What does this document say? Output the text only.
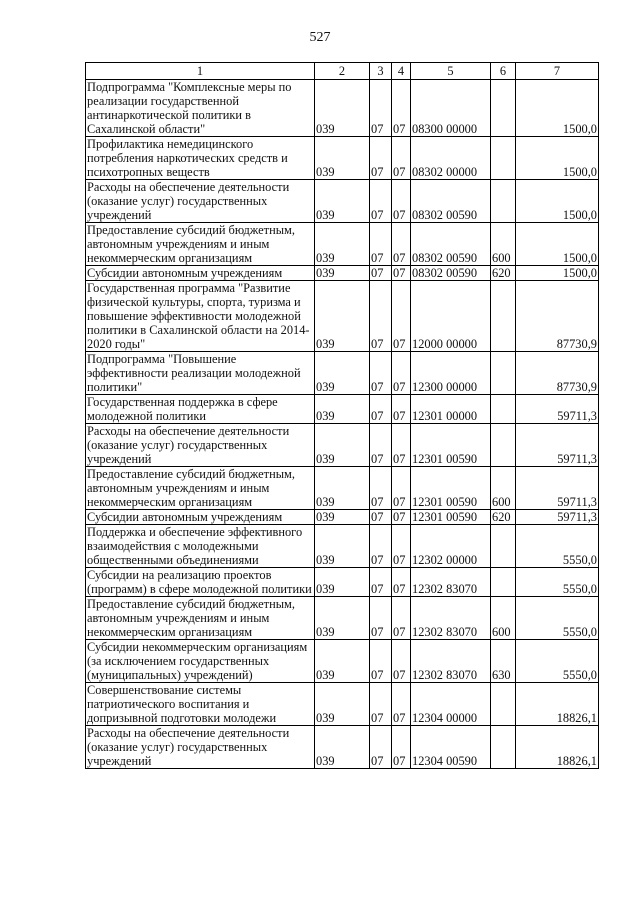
527
1	2	3	4	5	6	7
Подпрограмма "Комплексные меры по реализации государственной антинаркотической политики в Сахалинской области"	039	07	07	08300 00000		1500,0
Профилактика немедицинского потребления наркотических средств и психотропных веществ	039	07	07	08302 00000		1500,0
Расходы на обеспечение деятельности (оказание услуг) государственных учреждений	039	07	07	08302 00590		1500,0
Предоставление субсидий бюджетным, автономным учреждениям и иным некоммерческим организациям	039	07	07	08302 00590	600	1500,0
Субсидии автономным учреждениям	039	07	07	08302 00590	620	1500,0
Государственная программа "Развитие физической культуры, спорта, туризма и повышение эффективности молодежной политики в Сахалинской области на 2014-2020 годы"	039	07	07	12000 00000		87730,9
Подпрограмма "Повышение эффективности реализации молодежной политики"	039	07	07	12300 00000		87730,9
Государственная поддержка в сфере молодежной политики	039	07	07	12301 00000		59711,3
Расходы на обеспечение деятельности (оказание услуг) государственных учреждений	039	07	07	12301 00590		59711,3
Предоставление субсидий бюджетным, автономным учреждениям и иным некоммерческим организациям	039	07	07	12301 00590	600	59711,3
Субсидии автономным учреждениям	039	07	07	12301 00590	620	59711,3
Поддержка и обеспечение эффективного взаимодействия с молодежными общественными объединениями	039	07	07	12302 00000		5550,0
Субсидии на реализацию проектов (программ) в сфере молодежной политики	039	07	07	12302 83070		5550,0
Предоставление субсидий бюджетным, автономным учреждениям и иным некоммерческим организациям	039	07	07	12302 83070	600	5550,0
Субсидии некоммерческим организациям (за исключением государственных (муниципальных) учреждений)	039	07	07	12302 83070	630	5550,0
Совершенствование системы патриотического воспитания и допризывной подготовки молодежи	039	07	07	12304 00000		18826,1
Расходы на обеспечение деятельности (оказание услуг) государственных учреждений	039	07	07	12304 00590		18826,1
